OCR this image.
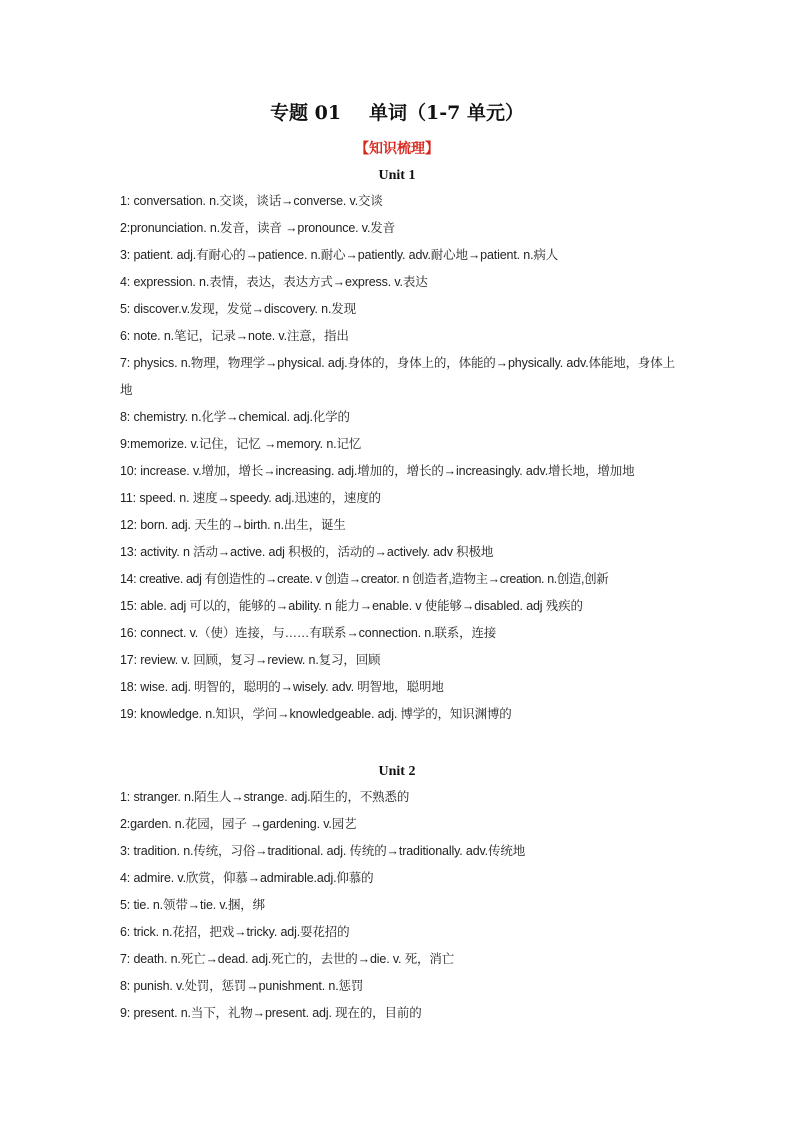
专题 01 单词（1-7 单元）
【知识梳理】
Unit 1

1: conversation. n.交谈，谈话→converse. v.交谈

2:pronunciation. n.发音，读音 →pronounce. v.发音

3: patient. adj.有耐心的→patience. n.耐心→patiently. adv.耐心地→patient. n.病人

4: expression. n.表情，表达，表达方式→express. v.表达

5: discover.v.发现，发觉→discovery. n.发现

6: note. n.笔记，记录→note. v.注意，指出

7: physics. n.物理，物理学→physical. adj.身体的，身体上的，体能的→physically. adv.体能地，身体上地

8: chemistry. n.化学→chemical. adj.化学的

9:memorize. v.记住，记忆 →memory. n.记忆

10: increase. v.增加，增长→increasing. adj.增加的，增长的→increasingly. adv.增长地，增加地

11: speed. n. 速度→speedy. adj.迅速的，速度的

12: born. adj. 天生的→birth. n.出生，诞生

13: activity. n 活动→active. adj 积极的，活动的→actively. adv 积极地

14: creative. adj 有创造性的→create. v 创造→creator. n 创造者,造物主→creation. n.创造,创新

15: able. adj 可以的，能够的→ability. n 能力→enable. v 使能够→disabled. adj 残疾的

16: connect. v.（使）连接，与……有联系→connection. n.联系，连接

17: review. v. 回顾，复习→review. n.复习，回顾

18: wise. adj. 明智的，聪明的→wisely. adv. 明智地，聪明地

19: knowledge. n.知识，学问→knowledgeable. adj. 博学的，知识渊博的

Unit 2

1: stranger. n.陌生人→strange. adj.陌生的，不熟悉的

2:garden. n.花园，园子 →gardening. v.园艺

3: tradition. n.传统，习俗→traditional. adj. 传统的→traditionally. adv.传统地

4: admire. v.欣赏，仰慕→admirable.adj.仰慕的

5: tie. n.领带→tie. v.捆，绑

6: trick. n.花招，把戏→tricky. adj.耍花招的

7: death. n.死亡→dead. adj.死亡的，去世的→die. v. 死，消亡

8: punish. v.处罚，惩罚→punishment. n.惩罚

9: present. n.当下，礼物→present. adj. 现在的，目前的
